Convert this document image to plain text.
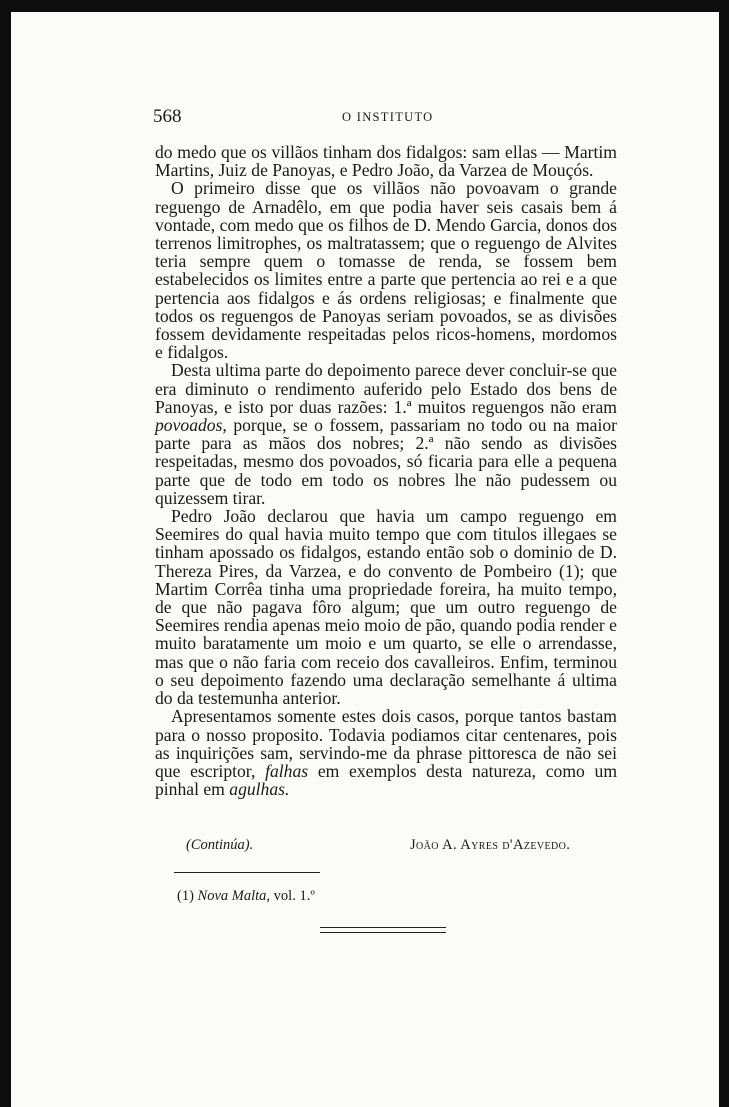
568	O INSTITUTO

do medo que os villãos tinham dos fidalgos: sam ellas — Martim Martins, Juiz de Panoyas, e Pedro João, da Varzea de Mouçós.

O primeiro disse que os villãos não povoavam o grande reguengo de Arnadêlo, em que podia haver seis casais bem á vontade, com medo que os filhos de D. Mendo Garcia, donos dos terrenos limitrophes, os maltratassem; que o reguengo de Alvites teria sempre quem o tomasse de renda, se fossem bem estabelecidos os limites entre a parte que pertencia ao rei e a que pertencia aos fidalgos e ás ordens religiosas; e finalmente que todos os reguengos de Panoyas seriam povoados, se as divisões fossem devidamente respeitadas pelos ricos-homens, mordomos e fidalgos.

Desta ultima parte do depoimento parece dever concluir-se que era diminuto o rendimento auferido pelo Estado dos bens de Panoyas, e isto por duas razões: 1.ª muitos reguengos não eram povoados, porque, se o fossem, passariam no todo ou na maior parte para as mãos dos nobres; 2.ª não sendo as divisões respeitadas, mesmo dos povoados, só ficaria para elle a pequena parte que de todo em todo os nobres lhe não pudessem ou quizessem tirar.

Pedro João declarou que havia um campo reguengo em Seemires do qual havia muito tempo que com titulos illegaes se tinham apossado os fidalgos, estando então sob o dominio de D. Thereza Pires, da Varzea, e do convento de Pombeiro (1); que Martim Corrêa tinha uma propriedade foreira, ha muito tempo, de que não pagava fôro algum; que um outro reguengo de Seemires rendia apenas meio moio de pão, quando podia render e muito baratamente um moio e um quarto, se elle o arrendasse, mas que o não faria com receio dos cavalleiros. Enfim, terminou o seu depoimento fazendo uma declaração semelhante á ultima do da testemunha anterior.

Apresentamos somente estes dois casos, porque tantos bastam para o nosso proposito. Todavia podiamos citar centenares, pois as inquirições sam, servindo-me da phrase pittoresca de não sei que escriptor, falhas em exemplos desta natureza, como um pinhal em agulhas.

(Continúa).	João A. Ayres d'Azevedo.
(1) Nova Malta, vol. 1.º
